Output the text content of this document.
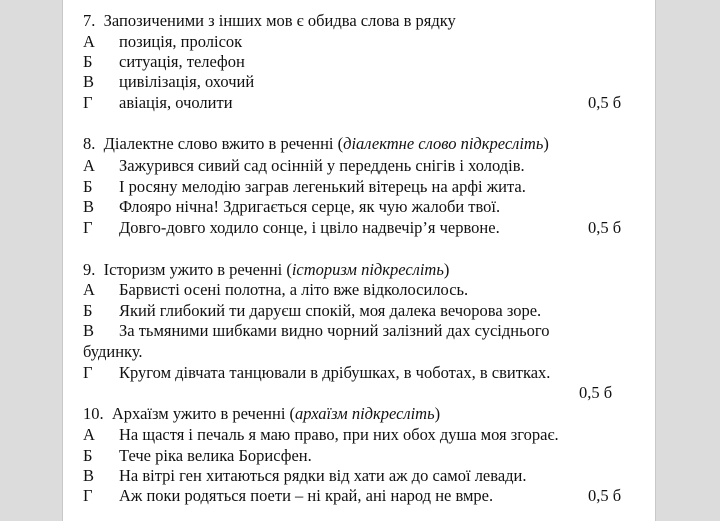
7. Запозиченими з інших мов є обидва слова в рядку
А позиція, пролісок
Б ситуація, телефон
В цивілізація, охочий
Г авіація, очолити	0,5 б
8. Діалектне слово вжито в реченні (діалектне слово підкресліть)
А Зажурився сивий сад осінній у переддень снігів і холодів.
Б І росяну мелодію заграв легенький вітерець на арфі жита.
В Флояро нічна! Здригається серце, як чую жалоби твої.
Г Довго-довго ходило сонце, і цвіло надвечір’я червоне.	0,5 б
9. Історизм ужито в реченні (історизм підкресліть)
А Барвисті осені полотна, а літо вже відколосилось.
Б Який глибокий ти даруєш спокій, моя далека вечорова зоре.
В За тьмяними шибками видно чорний залізний дах сусіднього
будинку.
Г Кругом дівчата танцювали в дрібушках, в чоботах, в свитках.
0,5 б
10. Архаїзм ужито в реченні (архаїзм підкресліть)
А На щастя і печаль я маю право, при них обох душа моя згорає.
Б Тече ріка велика Борисфен.
В На вітрі ген хитаються рядки від хати аж до самої левади.
Г Аж поки родяться поети – ні край, ані народ не вмре.	0,5 б
